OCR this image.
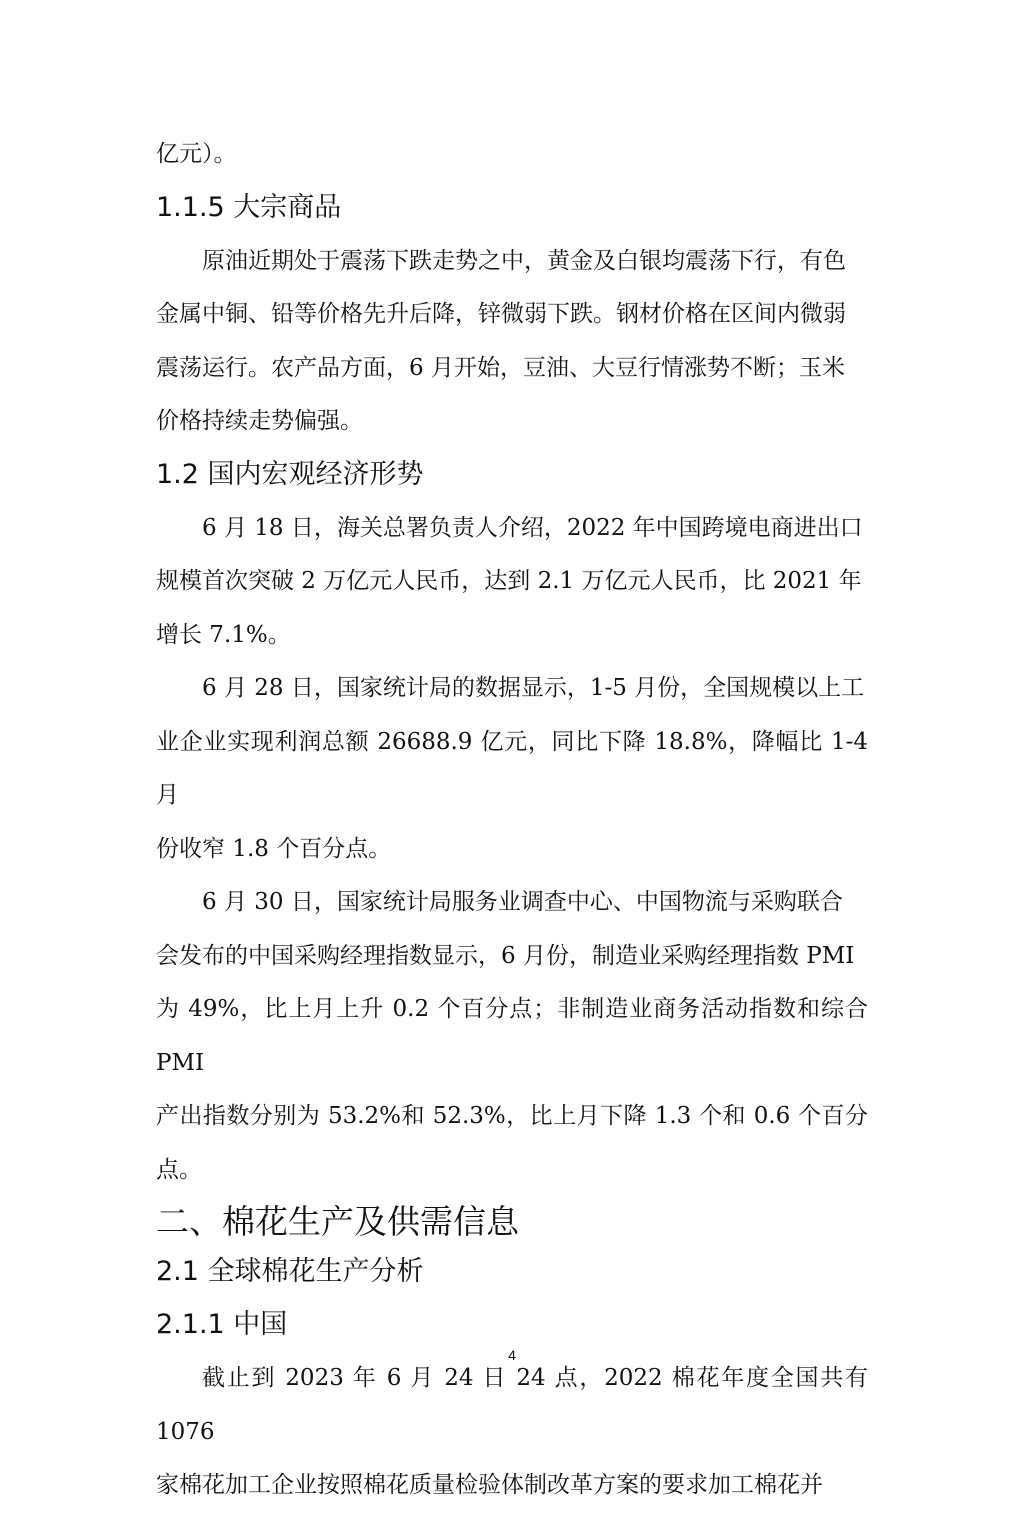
亿元）。

1.1.5 大宗商品

原油近期处于震荡下跌走势之中，黄金及白银均震荡下行，有色
金属中铜、铅等价格先升后降，锌微弱下跌。钢材价格在区间内微弱
震荡运行。农产品方面，6 月开始，豆油、大豆行情涨势不断；玉米
价格持续走势偏强。

1.2 国内宏观经济形势

6 月 18 日，海关总署负责人介绍，2022 年中国跨境电商进出口
规模首次突破 2 万亿元人民币，达到 2.1 万亿元人民币，比 2021 年
增长 7.1%。

6 月 28 日，国家统计局的数据显示，1-5 月份，全国规模以上工
业企业实现利润总额 26688.9 亿元，同比下降 18.8%，降幅比 1-4 月
份收窄 1.8 个百分点。

6 月 30 日，国家统计局服务业调查中心、中国物流与采购联合
会发布的中国采购经理指数显示，6 月份，制造业采购经理指数 PMI
为 49%，比上月上升 0.2 个百分点；非制造业商务活动指数和综合 PMI
产出指数分别为 53.2%和 52.3%，比上月下降 1.3 个和 0.6 个百分点。

二、棉花生产及供需信息
2.1 全球棉花生产分析
2.1.1 中国

截止到 2023 年 6 月 24 日 24 点，2022 棉花年度全国共有 1076
家棉花加工企业按照棉花质量检验体制改革方案的要求加工棉花并

4
